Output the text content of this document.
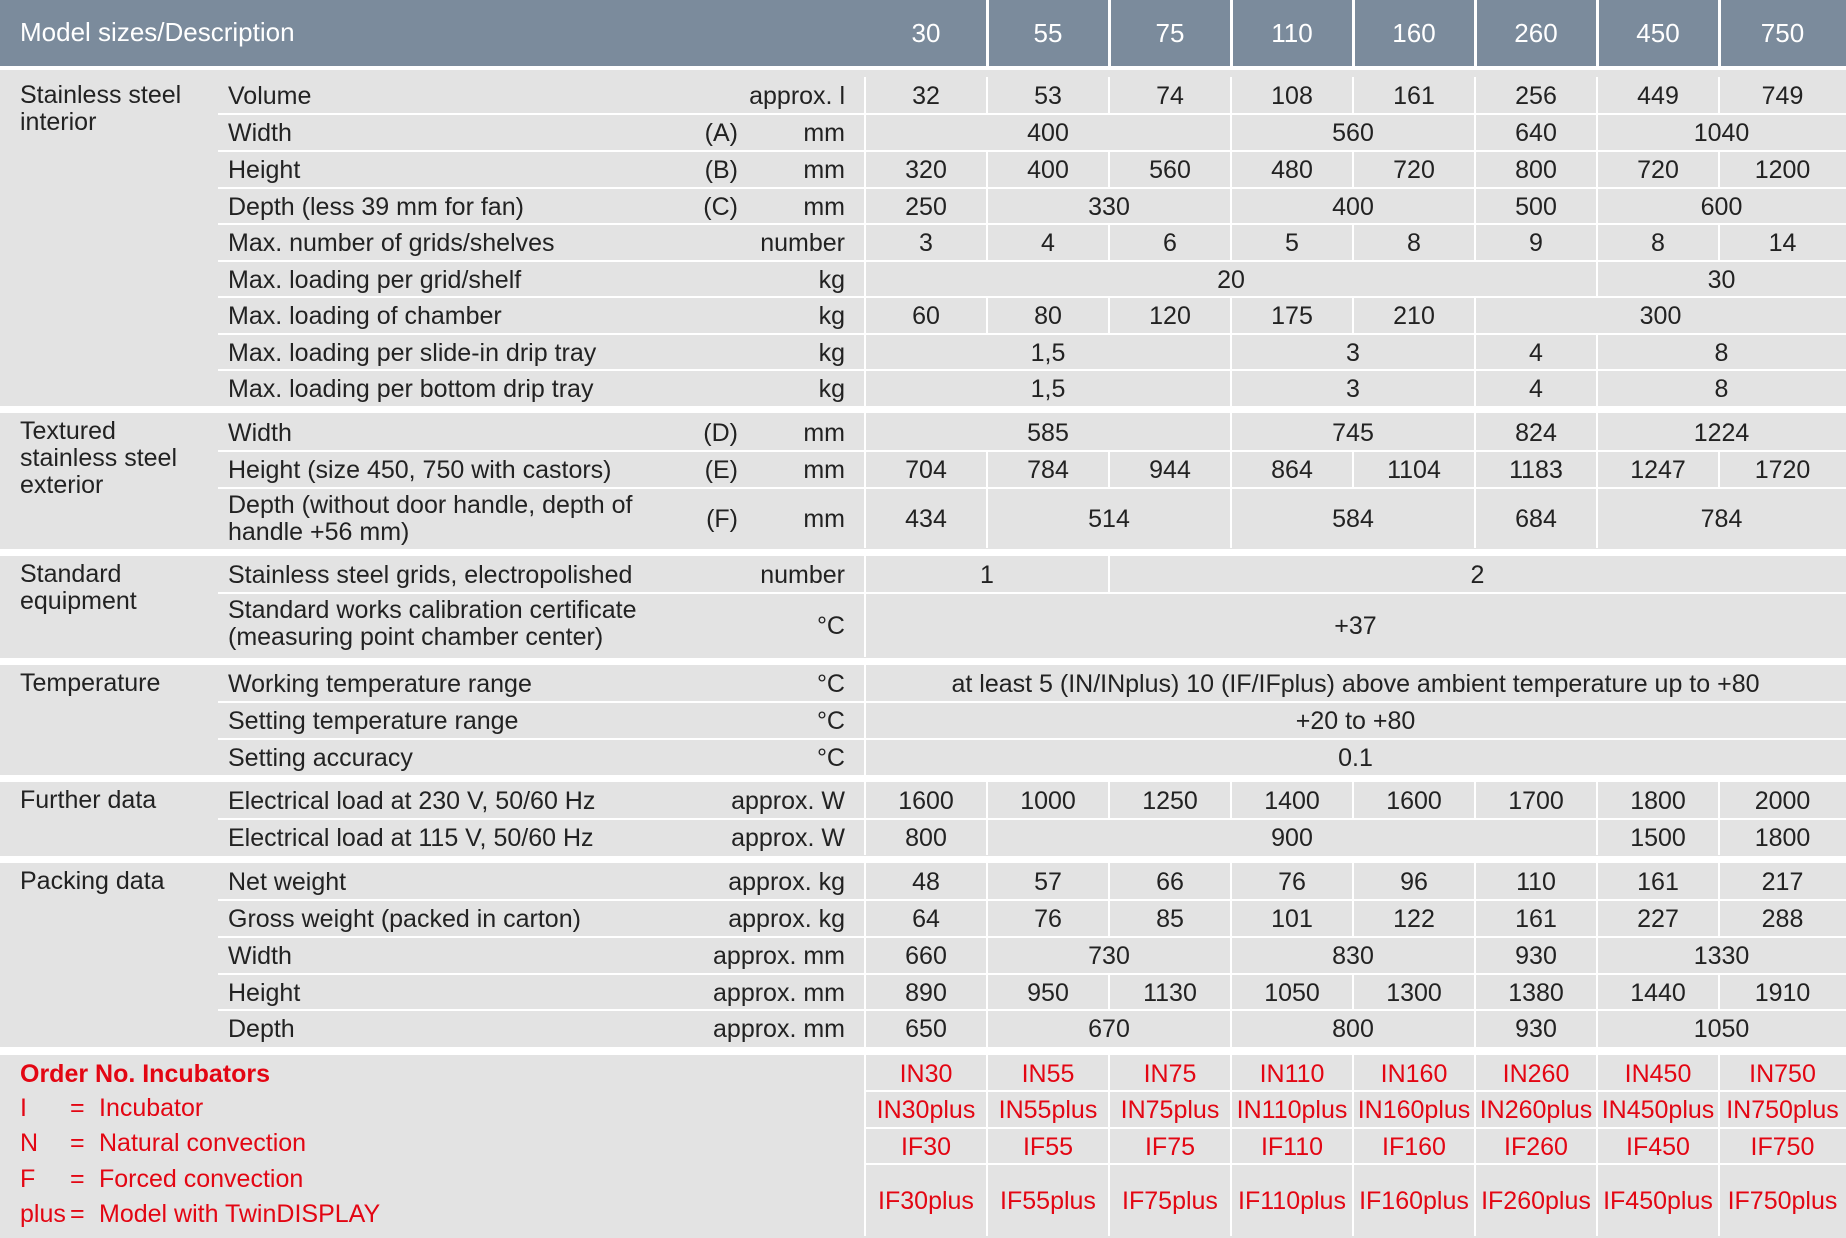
Model sizes/Description	30	55	75	110	160	260	450	750
Stainless steel interior
Volume	approx. l	32	53	74	108	161	256	449	749
Width	(A)	mm	400	560	640	1040
Height	(B)	mm	320	400	560	480	720	800	720	1200
Depth (less 39 mm for fan)	(C)	mm	250	330	400	500	600
Max. number of grids/shelves	number	3	4	6	5	8	9	8	14
Max. loading per grid/shelf	kg	20	30
Max. loading of chamber	kg	60	80	120	175	210	300
Max. loading per slide-in drip tray	kg	1,5	3	4	8
Max. loading per bottom drip tray	kg	1,5	3	4	8
Textured stainless steel exterior
Width	(D)	mm	585	745	824	1224
Height (size 450, 750 with castors)	(E)	mm	704	784	944	864	1104	1183	1247	1720
Depth (without door handle, depth of handle +56 mm)	(F)	mm	434	514	584	684	784
Standard equipment
Stainless steel grids, electropolished	number	1	2
Standard works calibration certificate (measuring point chamber center)	°C	+37
Temperature	Working temperature range	°C	at least 5 (IN/INplus) 10 (IF/IFplus) above ambient temperature up to +80
Setting temperature range	°C	+20 to +80
Setting accuracy	°C	0.1
Further data	Electrical load at 230 V, 50/60 Hz	approx. W	1600	1000	1250	1400	1600	1700	1800	2000
Electrical load at 115 V, 50/60 Hz	approx. W	800	900	1500	1800
Packing data	Net weight	approx. kg	48	57	66	76	96	110	161	217
Gross weight (packed in carton)	approx. kg	64	76	85	101	122	161	227	288
Width	approx. mm	660	730	830	930	1330
Height	approx. mm	890	950	1130	1050	1300	1380	1440	1910
Depth	approx. mm	650	670	800	930	1050
Order No. Incubators
I = Incubator
N = Natural convection
F = Forced convection
plus = Model with TwinDISPLAY
IN30	IN55	IN75	IN110	IN160	IN260	IN450	IN750
IN30plus IN55plus IN75plus IN110plus IN160plus IN260plus IN450plus IN750plus
IF30	IF55	IF75	IF110	IF160	IF260	IF450	IF750
IF30plus	IF55plus	IF75plus IF110plus IF160plus IF260plus IF450plus IF750plus
